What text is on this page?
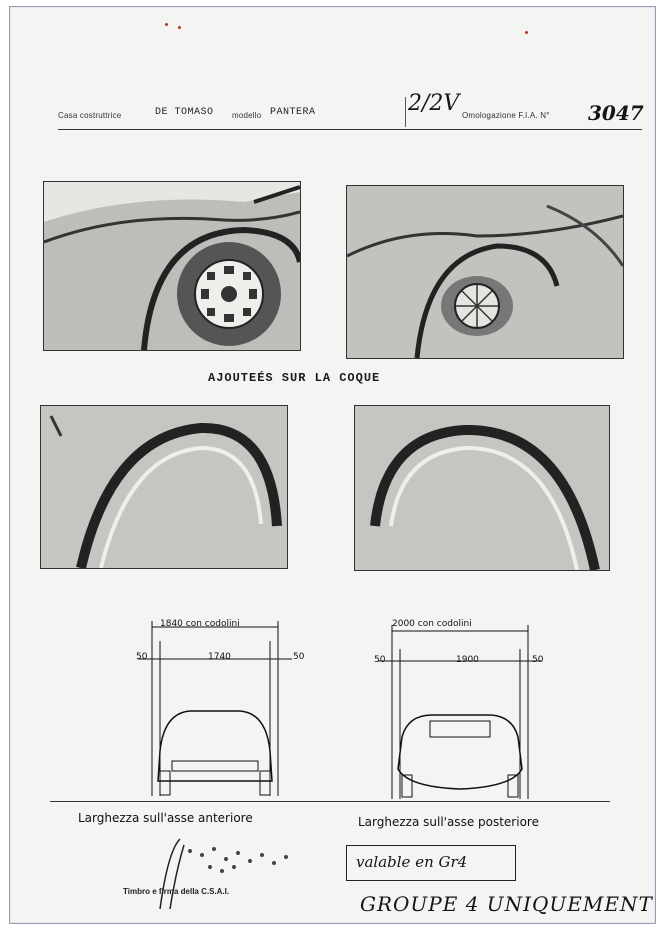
Casa costruttrice	DE TOMASO modello PANTERA	2/2V Omologazione F.I.A. N° 3047
AJOUTEÉS SUR LA COQUE
1840 con codolini
50	1740	50
Larghezza sull'asse anteriore
2000 con codolini
50	1900	50
Larghezza sull'asse posteriore
Timbro e firma della C.S.A.I.
valable en Gr4
GROUPE 4 UNIQUEMENT
